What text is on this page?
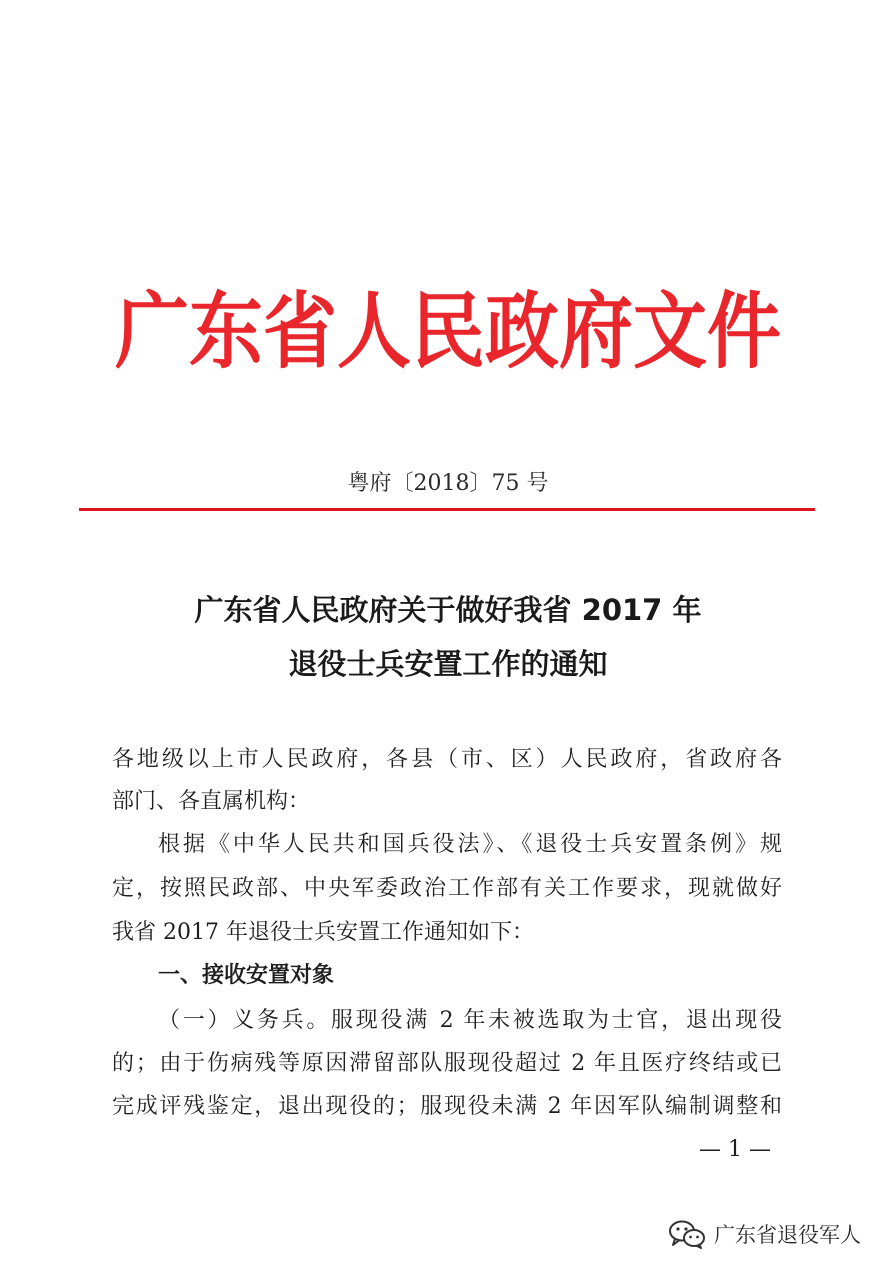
广东省人民政府文件
粤府〔2018〕75 号
广东省人民政府关于做好我省 2017 年
退役士兵安置工作的通知
各地级以上市人民政府，各县（市、区）人民政府，省政府各
部门、各直属机构：
根据《中华人民共和国兵役法》、《退役士兵安置条例》规
定，按照民政部、中央军委政治工作部有关工作要求，现就做好
我省 2017 年退役士兵安置工作通知如下：
一、接收安置对象
（一）义务兵。服现役满 2 年未被选取为士官，退出现役
的；由于伤病残等原因滞留部队服现役超过 2 年且医疗终结或已
完成评残鉴定，退出现役的；服现役未满 2 年因军队编制调整和
— 1 —
广东省退役军人
